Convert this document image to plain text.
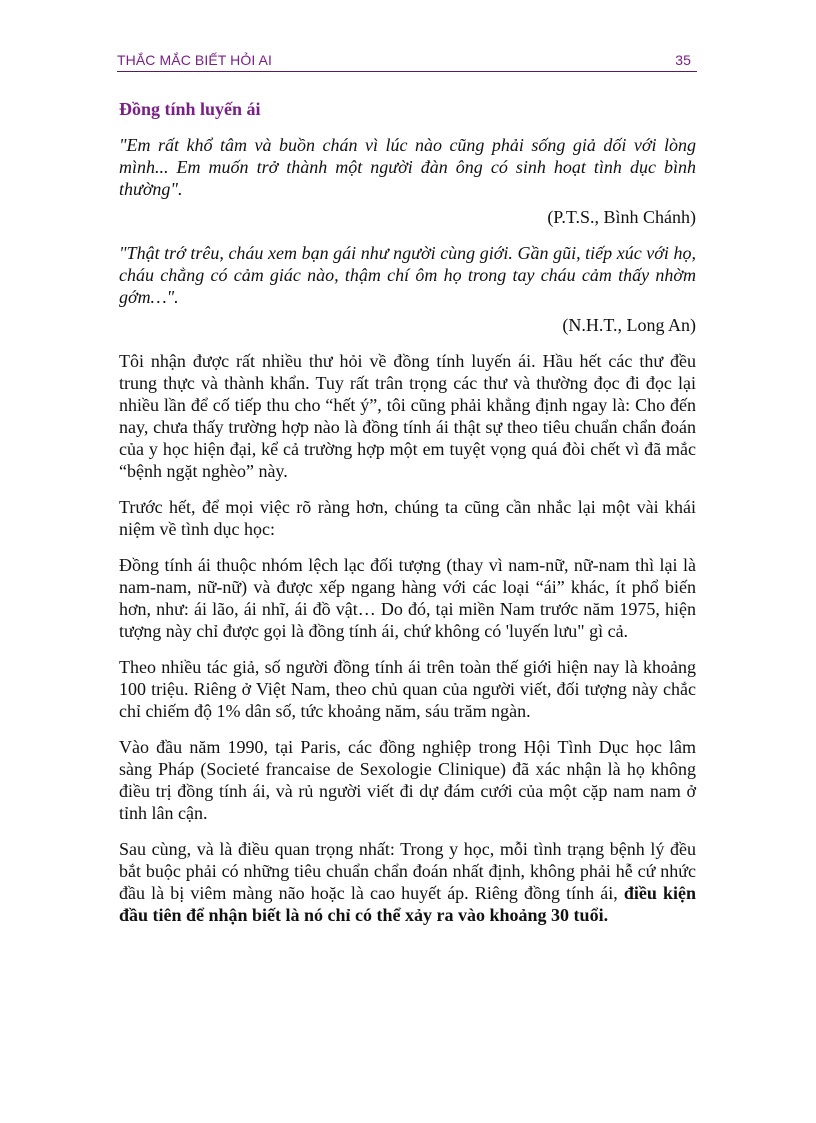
THẮC MẮC BIẾT HỎI AI	35
Đồng tính luyến ái

"Em rất khổ tâm và buồn chán vì lúc nào cũng phải sống giả dối với lòng mình... Em muốn trở thành một người đàn ông có sinh hoạt tình dục bình thường".

(P.T.S., Bình Chánh)

"Thật trớ trêu, cháu xem bạn gái như người cùng giới. Gần gũi, tiếp xúc với họ, cháu chẳng có cảm giác nào, thậm chí ôm họ trong tay cháu cảm thấy nhờm gớm…".

(N.H.T., Long An)

Tôi nhận được rất nhiều thư hỏi về đồng tính luyến ái. Hầu hết các thư đều trung thực và thành khẩn. Tuy rất trân trọng các thư và thường đọc đi đọc lại nhiều lần để cố tiếp thu cho “hết ý”, tôi cũng phải khẳng định ngay là: Cho đến nay, chưa thấy trường hợp nào là đồng tính ái thật sự theo tiêu chuẩn chẩn đoán của y học hiện đại, kể cả trường hợp một em tuyệt vọng quá đòi chết vì đã mắc “bệnh ngặt nghèo” này.

Trước hết, để mọi việc rõ ràng hơn, chúng ta cũng cần nhắc lại một vài khái niệm về tình dục học:

Đồng tính ái thuộc nhóm lệch lạc đối tượng (thay vì nam-nữ, nữ-nam thì lại là nam-nam, nữ-nữ) và được xếp ngang hàng với các loại “ái” khác, ít phổ biến hơn, như: ái lão, ái nhĩ, ái đồ vật… Do đó, tại miền Nam trước năm 1975, hiện tượng này chỉ được gọi là đồng tính ái, chứ không có 'luyến lưu" gì cả.

Theo nhiều tác giả, số người đồng tính ái trên toàn thế giới hiện nay là khoảng 100 triệu. Riêng ở Việt Nam, theo chủ quan của người viết, đối tượng này chắc chỉ chiếm độ 1% dân số, tức khoảng năm, sáu trăm ngàn.

Vào đầu năm 1990, tại Paris, các đồng nghiệp trong Hội Tình Dục học lâm sàng Pháp (Societé francaise de Sexologie Clinique) đã xác nhận là họ không điều trị đồng tính ái, và rủ người viết đi dự đám cưới của một cặp nam nam ở tỉnh lân cận.

Sau cùng, và là điều quan trọng nhất: Trong y học, mỗi tình trạng bệnh lý đều bắt buộc phải có những tiêu chuẩn chẩn đoán nhất định, không phải hễ cứ nhức đầu là bị viêm màng não hoặc là cao huyết áp. Riêng đồng tính ái, điều kiện đầu tiên để nhận biết là nó chỉ có thể xảy ra vào khoảng 30 tuổi.
